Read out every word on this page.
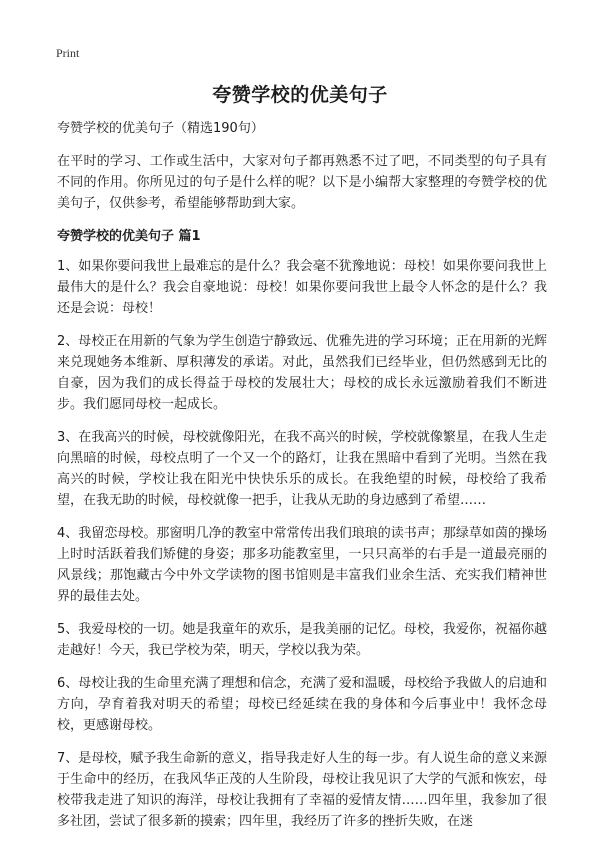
Print
夸赞学校的优美句子

夸赞学校的优美句子（精选190句）

在平时的学习、工作或生活中，大家对句子都再熟悉不过了吧，不同类型的句子具有不同的作用。你所见过的句子是什么样的呢？以下是小编帮大家整理的夸赞学校的优美句子，仅供参考，希望能够帮助到大家。

夸赞学校的优美句子 篇1

1、如果你要问我世上最难忘的是什么？我会毫不犹豫地说：母校！如果你要问我世上最伟大的是什么？我会自豪地说：母校！如果你要问我世上最令人怀念的是什么？我还是会说：母校！

2、母校正在用新的气象为学生创造宁静致远、优雅先进的学习环境；正在用新的光辉来兑现她务本维新、厚积薄发的承诺。对此，虽然我们已经毕业，但仍然感到无比的自豪，因为我们的成长得益于母校的发展壮大；母校的成长永远激励着我们不断进步。我们愿同母校一起成长。

3、在我高兴的时候，母校就像阳光，在我不高兴的时候，学校就像繁星，在我人生走向黑暗的时候，母校点明了一个又一个的路灯，让我在黑暗中看到了光明。当然在我高兴的时候，学校让我在阳光中快快乐乐的成长。在我绝望的时候，母校给了我希望，在我无助的时候，母校就像一把手，让我从无助的身边感到了希望……

4、我留恋母校。那窗明几净的教室中常常传出我们琅琅的读书声；那绿草如茵的操场上时时活跃着我们矫健的身姿；那多功能教室里，一只只高举的右手是一道最亮丽的风景线；那饱藏古今中外文学读物的图书馆则是丰富我们业余生活、充实我们精神世界的最佳去处。

5、我爱母校的一切。她是我童年的欢乐，是我美丽的记忆。母校，我爱你，祝福你越走越好！今天，我已学校为荣，明天，学校以我为荣。

6、母校让我的生命里充满了理想和信念，充满了爱和温暖，母校给予我做人的启迪和方向，孕育着我对明天的希望；母校已经延续在我的身体和今后事业中！我怀念母校，更感谢母校。

7、是母校，赋予我生命新的意义，指导我走好人生的每一步。有人说生命的意义来源于生命中的经历，在我风华正茂的人生阶段，母校让我见识了大学的气派和恢宏，母校带我走进了知识的海洋，母校让我拥有了幸福的爱情友情……四年里，我参加了很多社团，尝试了很多新的摸索；四年里，我经历了许多的挫折失败，在迷
